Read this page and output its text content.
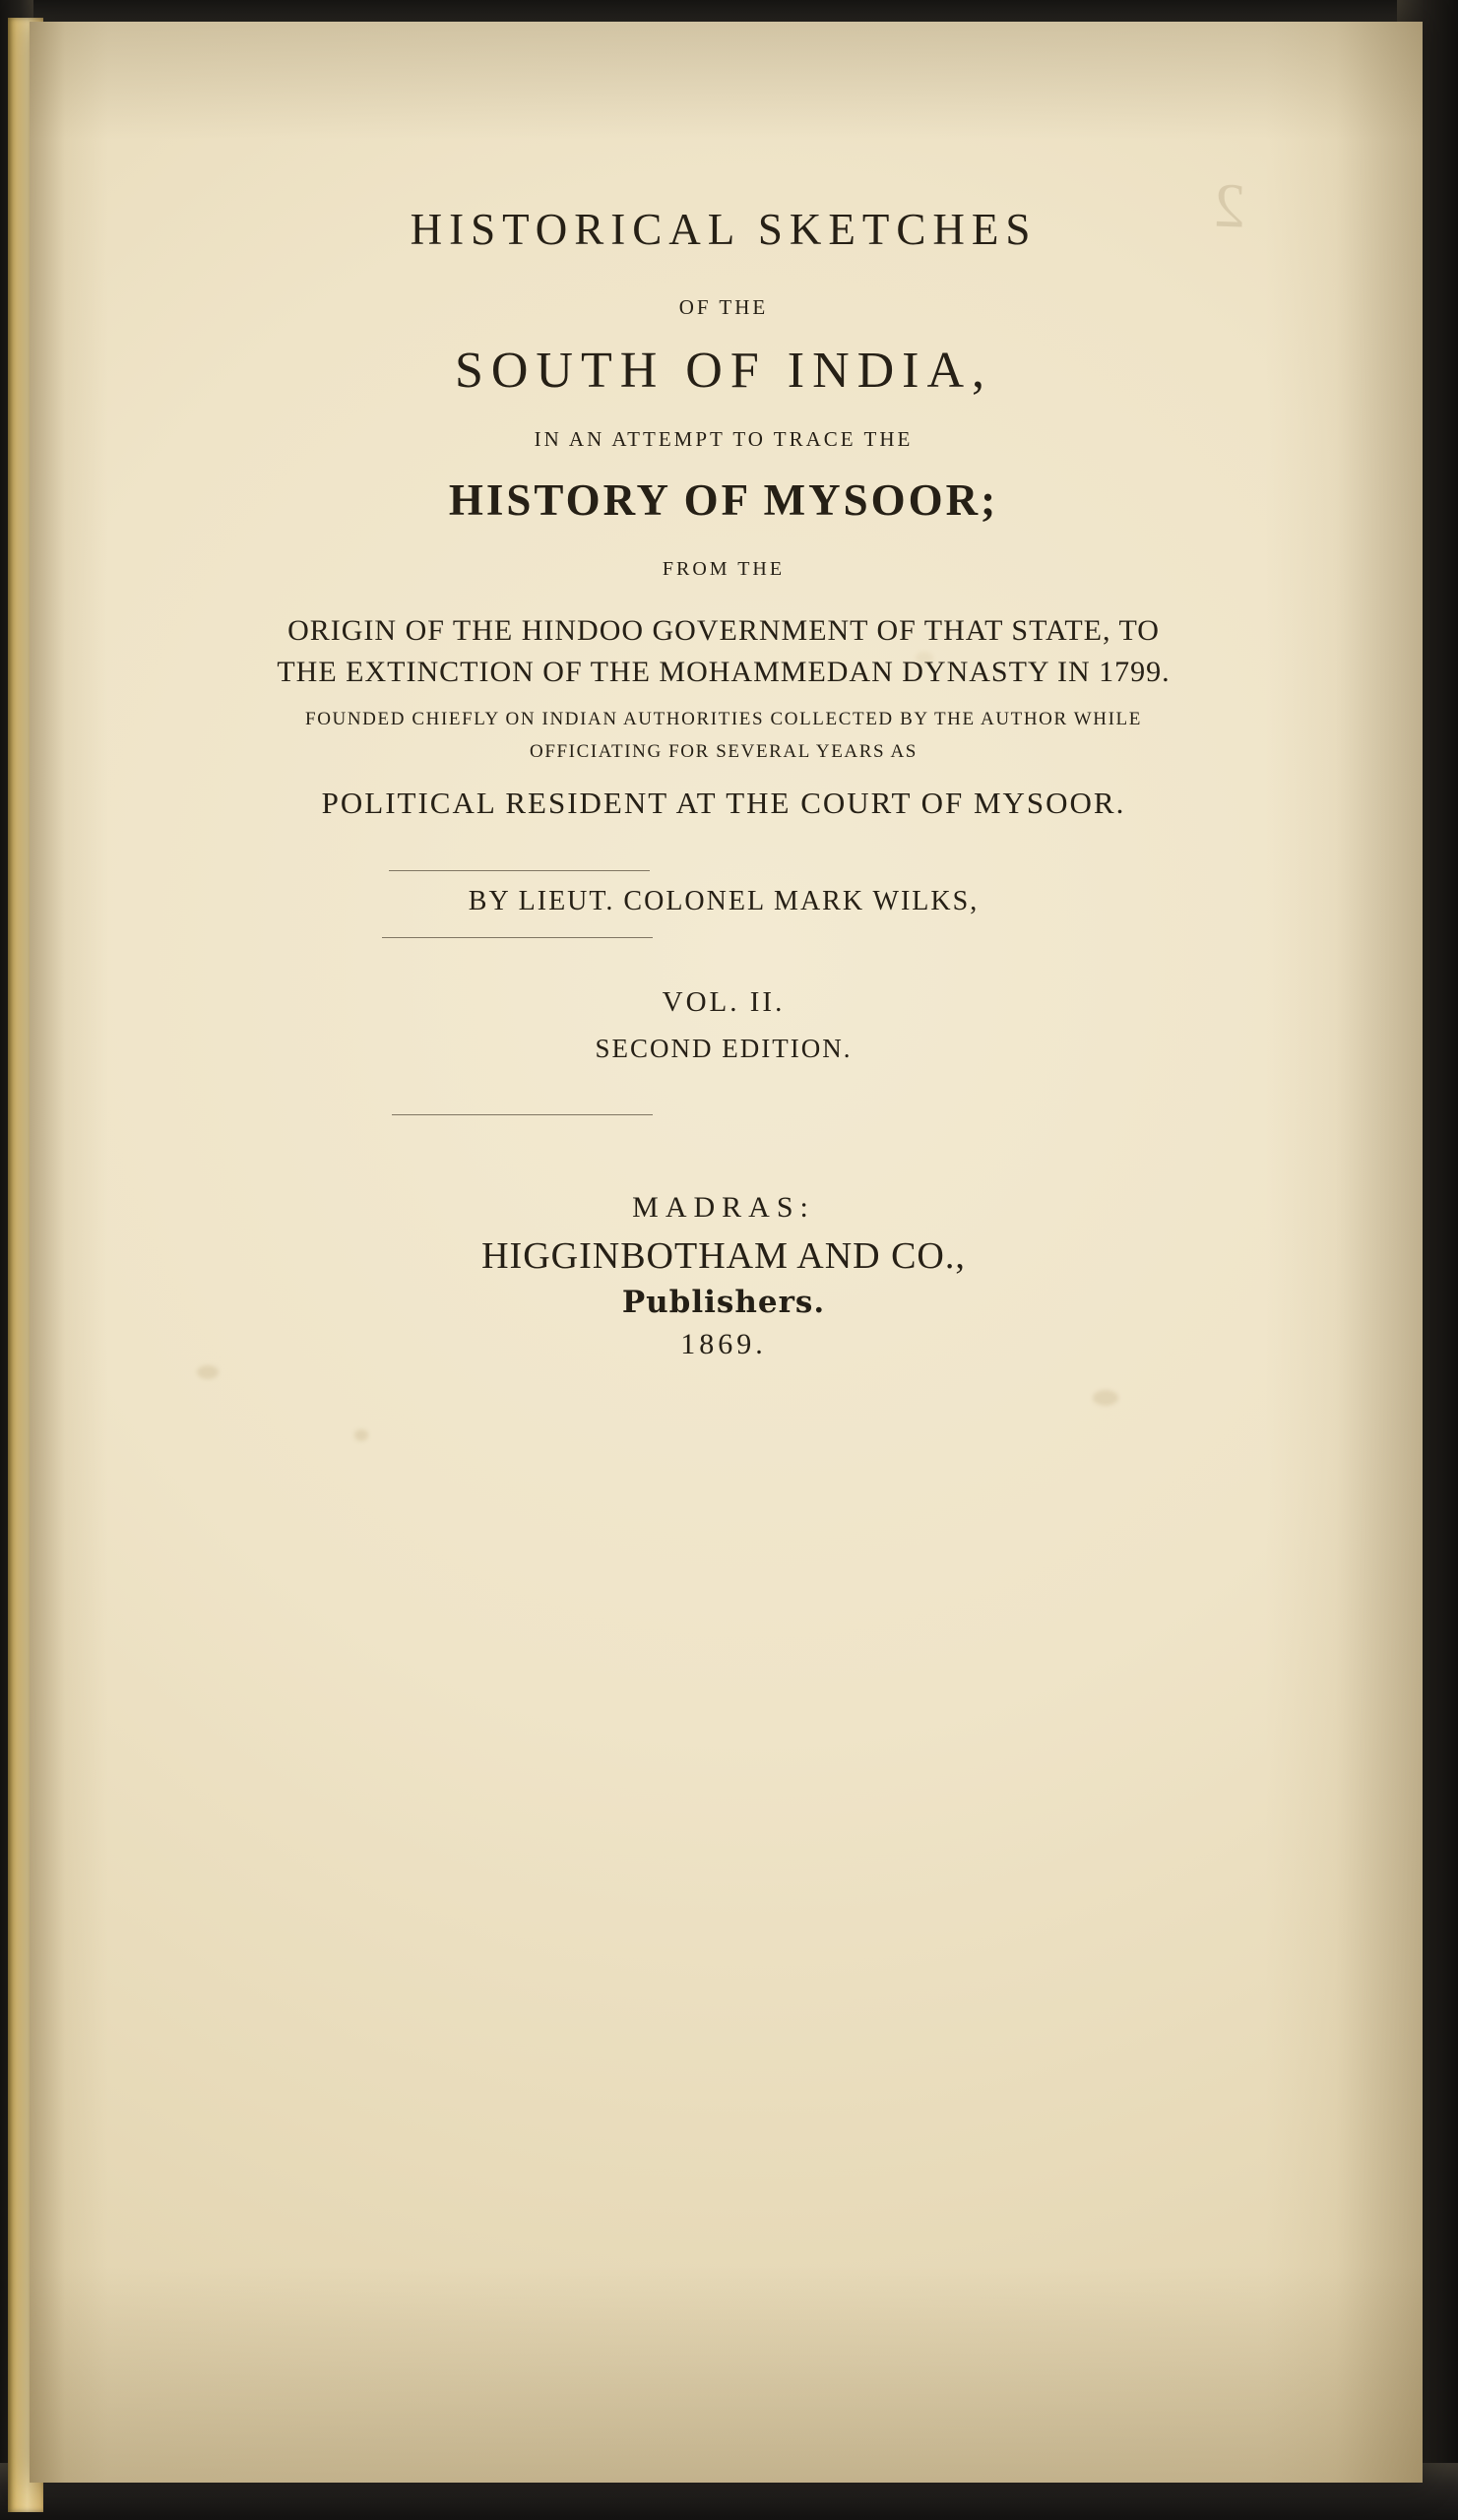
2
HISTORICAL SKETCHES
OF THE
SOUTH OF INDIA,
IN AN ATTEMPT TO TRACE THE
HISTORY OF MYSOOR;
FROM THE
ORIGIN OF THE HINDOO GOVERNMENT OF THAT STATE, TO
THE EXTINCTION OF THE MOHAMMEDAN DYNASTY IN 1799.
FOUNDED CHIEFLY ON INDIAN AUTHORITIES COLLECTED BY THE AUTHOR WHILE
OFFICIATING FOR SEVERAL YEARS AS
POLITICAL RESIDENT AT THE COURT OF MYSOOR.
BY LIEUT. COLONEL MARK WILKS,
VOL. II.
SECOND EDITION.
MADRAS:
HIGGINBOTHAM AND CO.,
Publishers.
1869.
